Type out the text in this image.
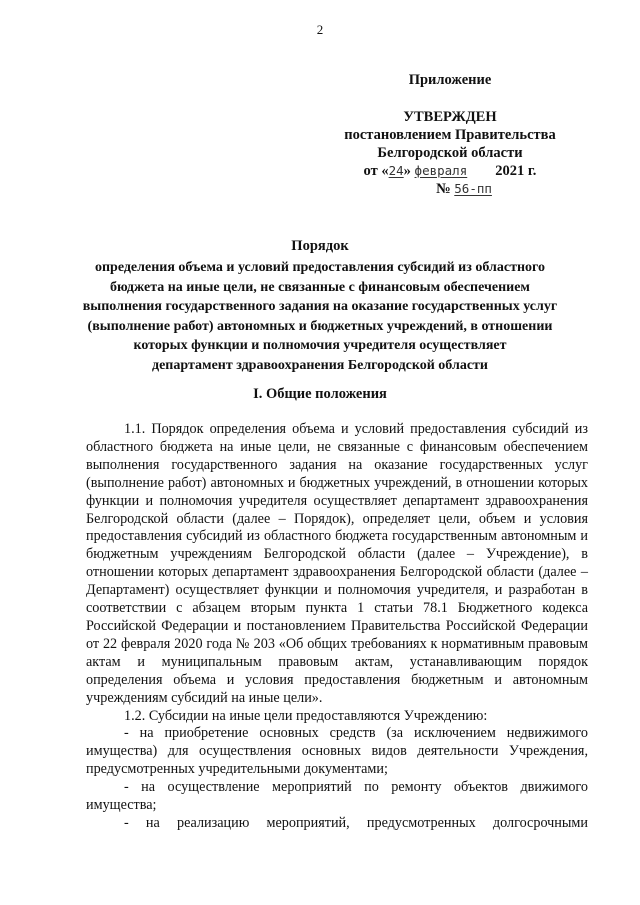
2
Приложение
УТВЕРЖДЕН
постановлением Правительства
Белгородской области
от «24» февраля 2021 г.
№ 56-пп
Порядок
определения объема и условий предоставления субсидий из областного
бюджета на иные цели, не связанные с финансовым обеспечением
выполнения государственного задания на оказание государственных услуг
(выполнение работ) автономных и бюджетных учреждений, в отношении
которых функции и полномочия учредителя осуществляет
департамент здравоохранения Белгородской области
I. Общие положения

1.1. Порядок определения объема и условий предоставления субсидий из областного бюджета на иные цели, не связанные с финансовым обеспечением выполнения государственного задания на оказание государственных услуг (выполнение работ) автономных и бюджетных учреждений, в отношении которых функции и полномочия учредителя осуществляет департамент здравоохранения Белгородской области (далее – Порядок), определяет цели, объем и условия предоставления субсидий из областного бюджета государственным автономным и бюджетным учреждениям Белгородской области (далее – Учреждение), в отношении которых департамент здравоохранения Белгородской области (далее – Департамент) осуществляет функции и полномочия учредителя, и разработан в соответствии с абзацем вторым пункта 1 статьи 78.1 Бюджетного кодекса Российской Федерации и постановлением Правительства Российской Федерации от 22 февраля 2020 года № 203 «Об общих требованиях к нормативным правовым актам и муниципальным правовым актам, устанавливающим порядок определения объема и условия предоставления бюджетным и автономным учреждениям субсидий на иные цели».

1.2. Субсидии на иные цели предоставляются Учреждению:

- на приобретение основных средств (за исключением недвижимого имущества) для осуществления основных видов деятельности Учреждения, предусмотренных учредительными документами;

- на осуществление мероприятий по ремонту объектов движимого имущества;

- на реализацию мероприятий, предусмотренных долгосрочными
